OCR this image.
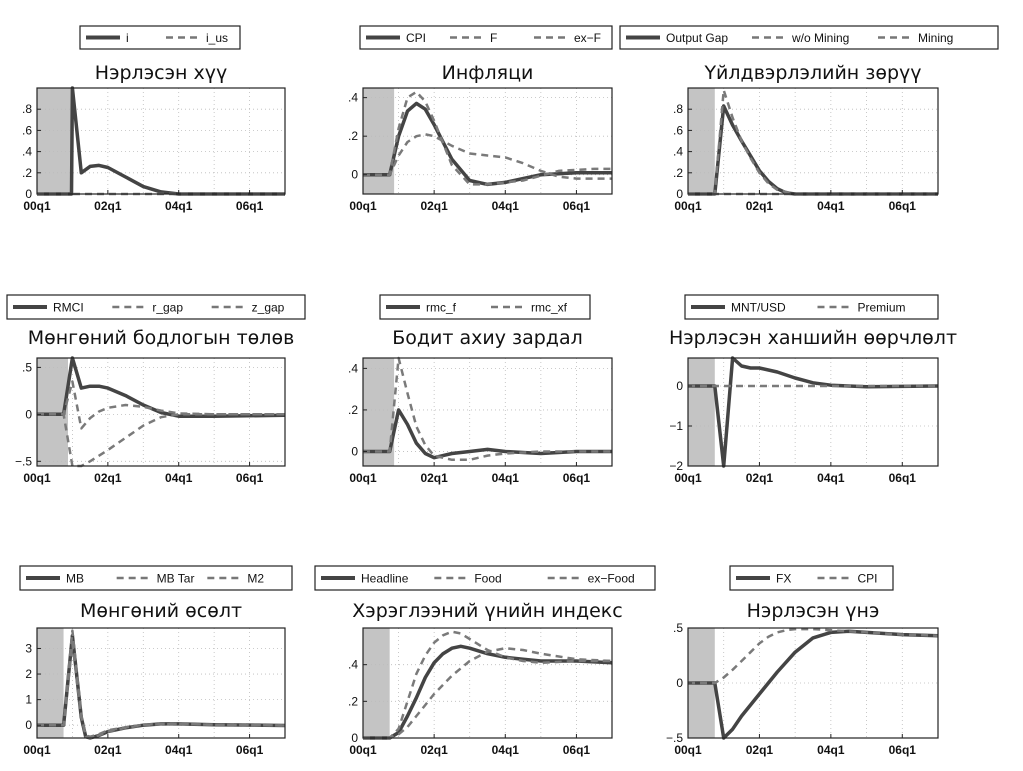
i	i_us
Нэрлэсэн хүү
0
.2
.4
.6
.8
00q1	02q1	04q1	06q1
CPI	F	ex−F
Инфляци
0
.2
.4
00q1	02q1	04q1	06q1
Output Gap	w/o Mining	Mining
Үйлдвэрлэлийн зөрүү
0
.2
.4
.6
.8
00q1	02q1	04q1	06q1
RMCI	r_gap	z_gap
Мөнгөний бодлогын төлөв
−.5
0
.5
00q1	02q1	04q1	06q1
rmc_f	rmc_xf
Бодит ахиу зардал
0
.2
.4
00q1	02q1	04q1	06q1
MNT/USD	Premium
Нэрлэсэн ханшийн өөрчлөлт
−2
−1
0
00q1	02q1	04q1	06q1
MB	MB Tar	M2
Мөнгөний өсөлт
0
1
2
3
00q1	02q1	04q1	06q1
Headline	Food	ex−Food
Хэрэглээний үнийн индекс
0
.2
.4
00q1	02q1	04q1	06q1
FX	CPI
Нэрлэсэн үнэ
−.5
0
.5
00q1	02q1	04q1	06q1
